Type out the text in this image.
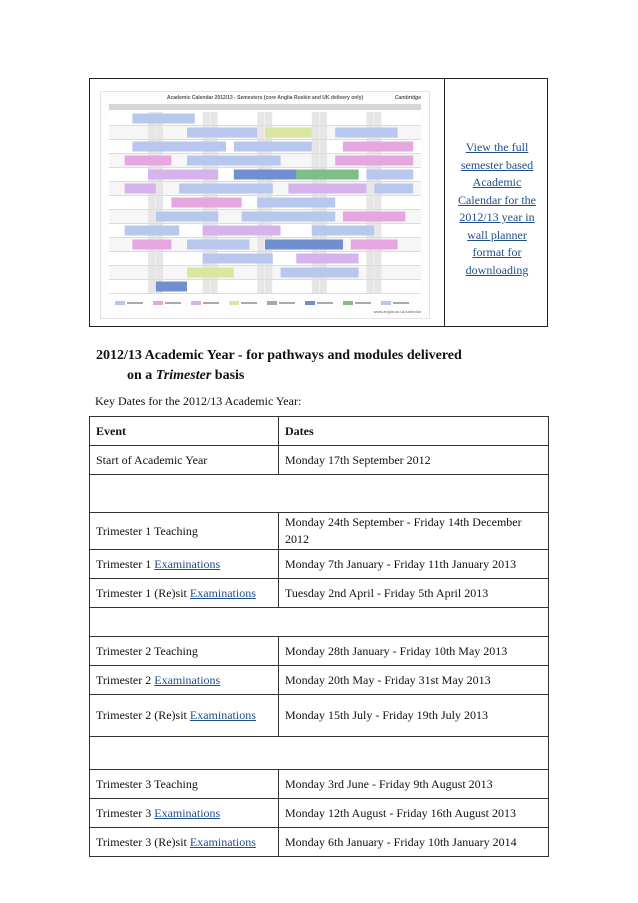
Academic Calendar 2012/13 - Semesters (core Anglia Ruskin and UK delivery only)	Cambridge
www.anglia.ac.uk/calendar
View the full
semester based
Academic
Calendar for the
2012/13 year in
wall planner
format for
downloading
2012/13 Academic Year - for pathways and modules delivered
on a Trimester basis
Key Dates for the 2012/13 Academic Year:
Event	Dates
Start of Academic Year	Monday 17th September 2012

Trimester 1 Teaching	Monday 24th September - Friday 14th December 2012
Trimester 1 Examinations	Monday 7th January - Friday 11th January 2013
Trimester 1 (Re)sit Examinations	Tuesday 2nd April - Friday 5th April 2013

Trimester 2 Teaching	Monday 28th January - Friday 10th May 2013
Trimester 2 Examinations	Monday 20th May - Friday 31st May 2013
Trimester 2 (Re)sit Examinations	Monday 15th July - Friday 19th July 2013

Trimester 3 Teaching	Monday 3rd June - Friday 9th August 2013
Trimester 3 Examinations	Monday 12th August - Friday 16th August 2013
Trimester 3 (Re)sit Examinations	Monday 6th January - Friday 10th January 2014
